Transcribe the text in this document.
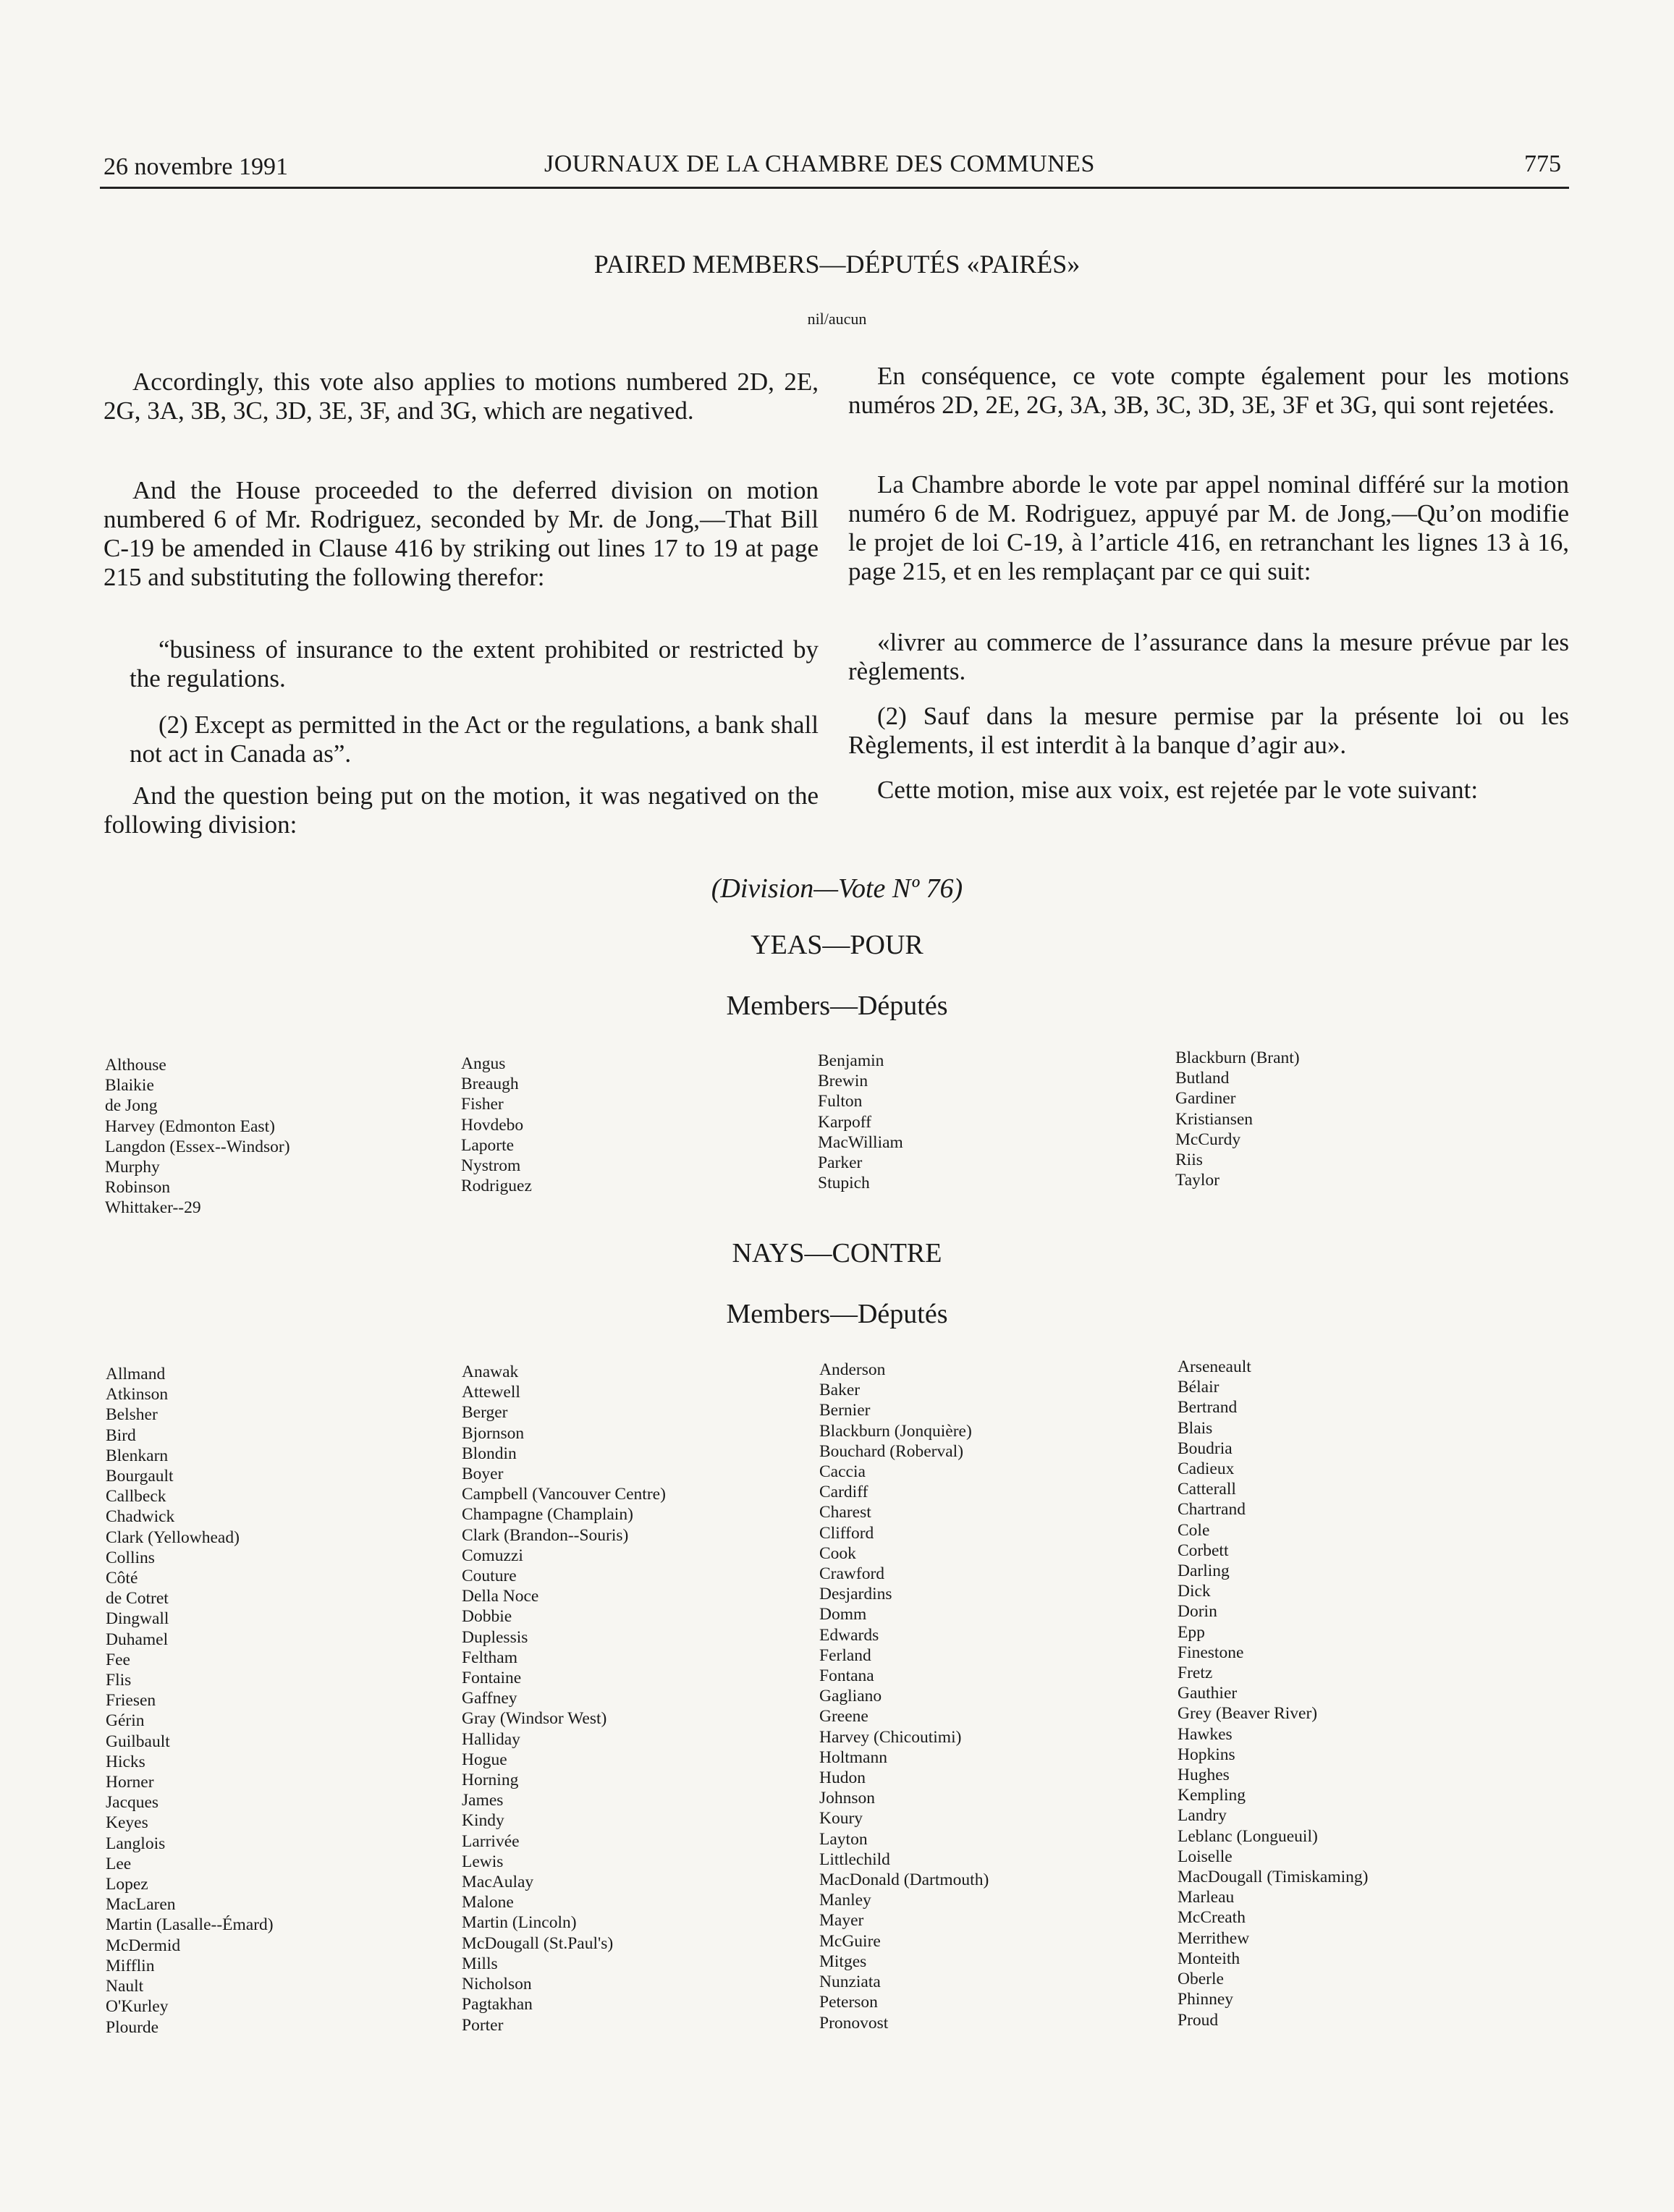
26 novembre 1991	JOURNAUX DE LA CHAMBRE DES COMMUNES	775
PAIRED MEMBERS—DÉPUTÉS «PAIRÉS»
nil/aucun

Accordingly, this vote also applies to motions numbered 2D, 2E, 2G, 3A, 3B, 3C, 3D, 3E, 3F, and 3G, which are negatived.

And the House proceeded to the deferred division on motion numbered 6 of Mr. Rodriguez, seconded by Mr. de Jong,—That Bill C-19 be amended in Clause 416 by striking out lines 17 to 19 at page 215 and substituting the following therefor:

“business of insurance to the extent prohibited or restricted by the regulations.

(2) Except as permitted in the Act or the regulations, a bank shall not act in Canada as”.

And the question being put on the motion, it was negatived on the following division:

En conséquence, ce vote compte également pour les motions numéros 2D, 2E, 2G, 3A, 3B, 3C, 3D, 3E, 3F et 3G, qui sont rejetées.

La Chambre aborde le vote par appel nominal différé sur la motion numéro 6 de M. Rodriguez, appuyé par M. de Jong,—Qu’on modifie le projet de loi C-19, à l’article 416, en retranchant les lignes 13 à 16, page 215, et en les remplaçant par ce qui suit:

«livrer au commerce de l’assurance dans la mesure prévue par les règlements.

(2) Sauf dans la mesure permise par la présente loi ou les Règlements, il est interdit à la banque d’agir au».

Cette motion, mise aux voix, est rejetée par le vote suivant:

(Division—Vote Nº 76)
YEAS—POUR
Members—Députés
Althouse
Blaikie
de Jong
Harvey (Edmonton East)
Langdon (Essex--Windsor)
Murphy
Robinson
Whittaker--29
Angus
Breaugh
Fisher
Hovdebo
Laporte
Nystrom
Rodriguez
Benjamin
Brewin
Fulton
Karpoff
MacWilliam
Parker
Stupich
Blackburn (Brant)
Butland
Gardiner
Kristiansen
McCurdy
Riis
Taylor
NAYS—CONTRE
Members—Députés
Allmand
Atkinson
Belsher
Bird
Blenkarn
Bourgault
Callbeck
Chadwick
Clark (Yellowhead)
Collins
Côté
de Cotret
Dingwall
Duhamel
Fee
Flis
Friesen
Gérin
Guilbault
Hicks
Horner
Jacques
Keyes
Langlois
Lee
Lopez
MacLaren
Martin (Lasalle--Émard)
McDermid
Mifflin
Nault
O'Kurley
Plourde
Anawak
Attewell
Berger
Bjornson
Blondin
Boyer
Campbell (Vancouver Centre)
Champagne (Champlain)
Clark (Brandon--Souris)
Comuzzi
Couture
Della Noce
Dobbie
Duplessis
Feltham
Fontaine
Gaffney
Gray (Windsor West)
Halliday
Hogue
Horning
James
Kindy
Larrivée
Lewis
MacAulay
Malone
Martin (Lincoln)
McDougall (St.Paul's)
Mills
Nicholson
Pagtakhan
Porter
Anderson
Baker
Bernier
Blackburn (Jonquière)
Bouchard (Roberval)
Caccia
Cardiff
Charest
Clifford
Cook
Crawford
Desjardins
Domm
Edwards
Ferland
Fontana
Gagliano
Greene
Harvey (Chicoutimi)
Holtmann
Hudon
Johnson
Koury
Layton
Littlechild
MacDonald (Dartmouth)
Manley
Mayer
McGuire
Mitges
Nunziata
Peterson
Pronovost
Arseneault
Bélair
Bertrand
Blais
Boudria
Cadieux
Catterall
Chartrand
Cole
Corbett
Darling
Dick
Dorin
Epp
Finestone
Fretz
Gauthier
Grey (Beaver River)
Hawkes
Hopkins
Hughes
Kempling
Landry
Leblanc (Longueuil)
Loiselle
MacDougall (Timiskaming)
Marleau
McCreath
Merrithew
Monteith
Oberle
Phinney
Proud
